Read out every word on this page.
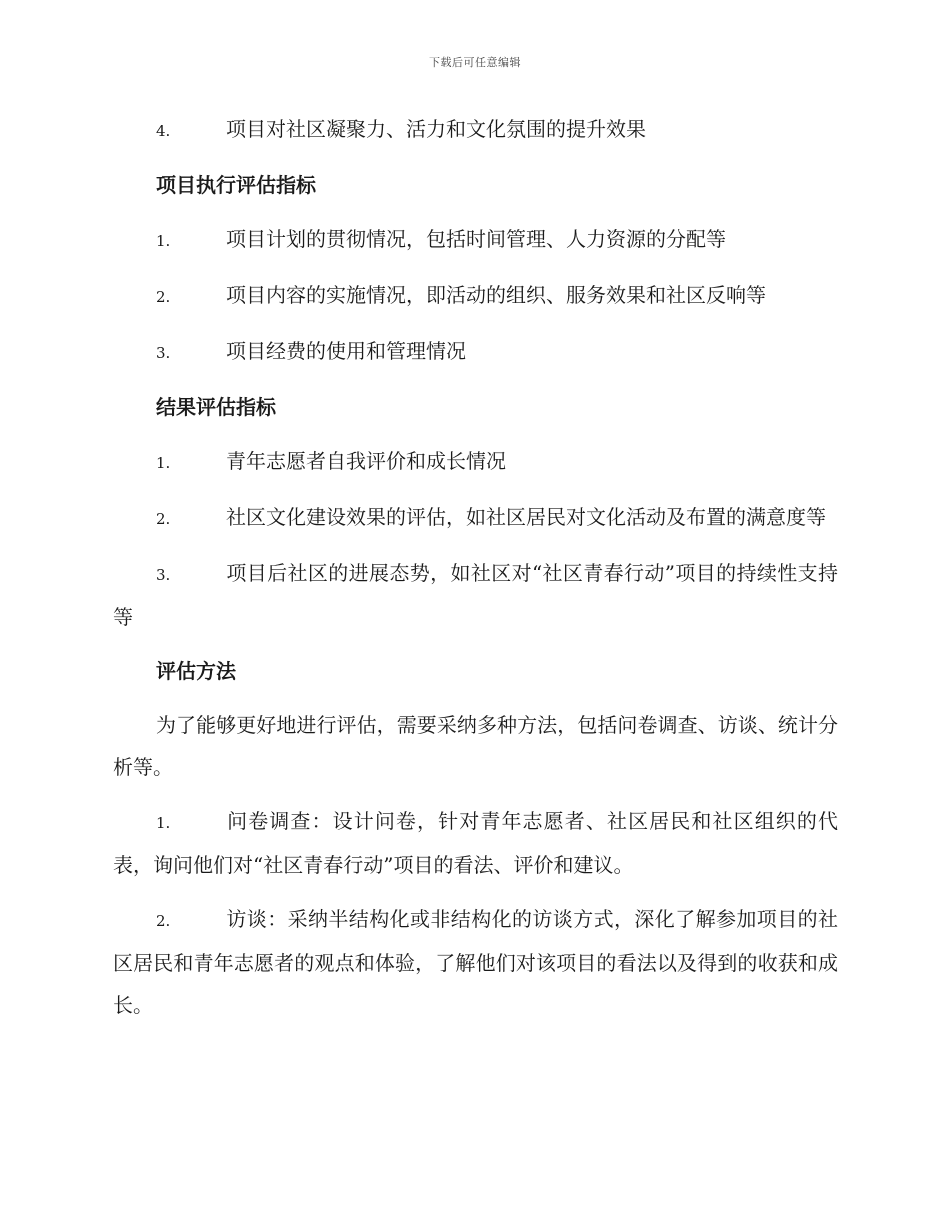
下载后可任意编辑

4.	项目对社区凝聚力、活力和文化氛围的提升效果

项目执行评估指标

1.	项目计划的贯彻情况，包括时间管理、人力资源的分配等

2.	项目内容的实施情况，即活动的组织、服务效果和社区反响等

3.	项目经费的使用和管理情况

结果评估指标

1.	青年志愿者自我评价和成长情况

2.	社区文化建设效果的评估，如社区居民对文化活动及布置的满意度等

3.	项目后社区的进展态势，如社区对“社区青春行动”项目的持续性支持等

评估方法

为了能够更好地进行评估，需要采纳多种方法，包括问卷调查、访谈、统计分析等。

1.	问卷调查：设计问卷，针对青年志愿者、社区居民和社区组织的代表，询问他们对“社区青春行动”项目的看法、评价和建议。

2.	访谈：采纳半结构化或非结构化的访谈方式，深化了解参加项目的社区居民和青年志愿者的观点和体验，了解他们对该项目的看法以及得到的收获和成长。
